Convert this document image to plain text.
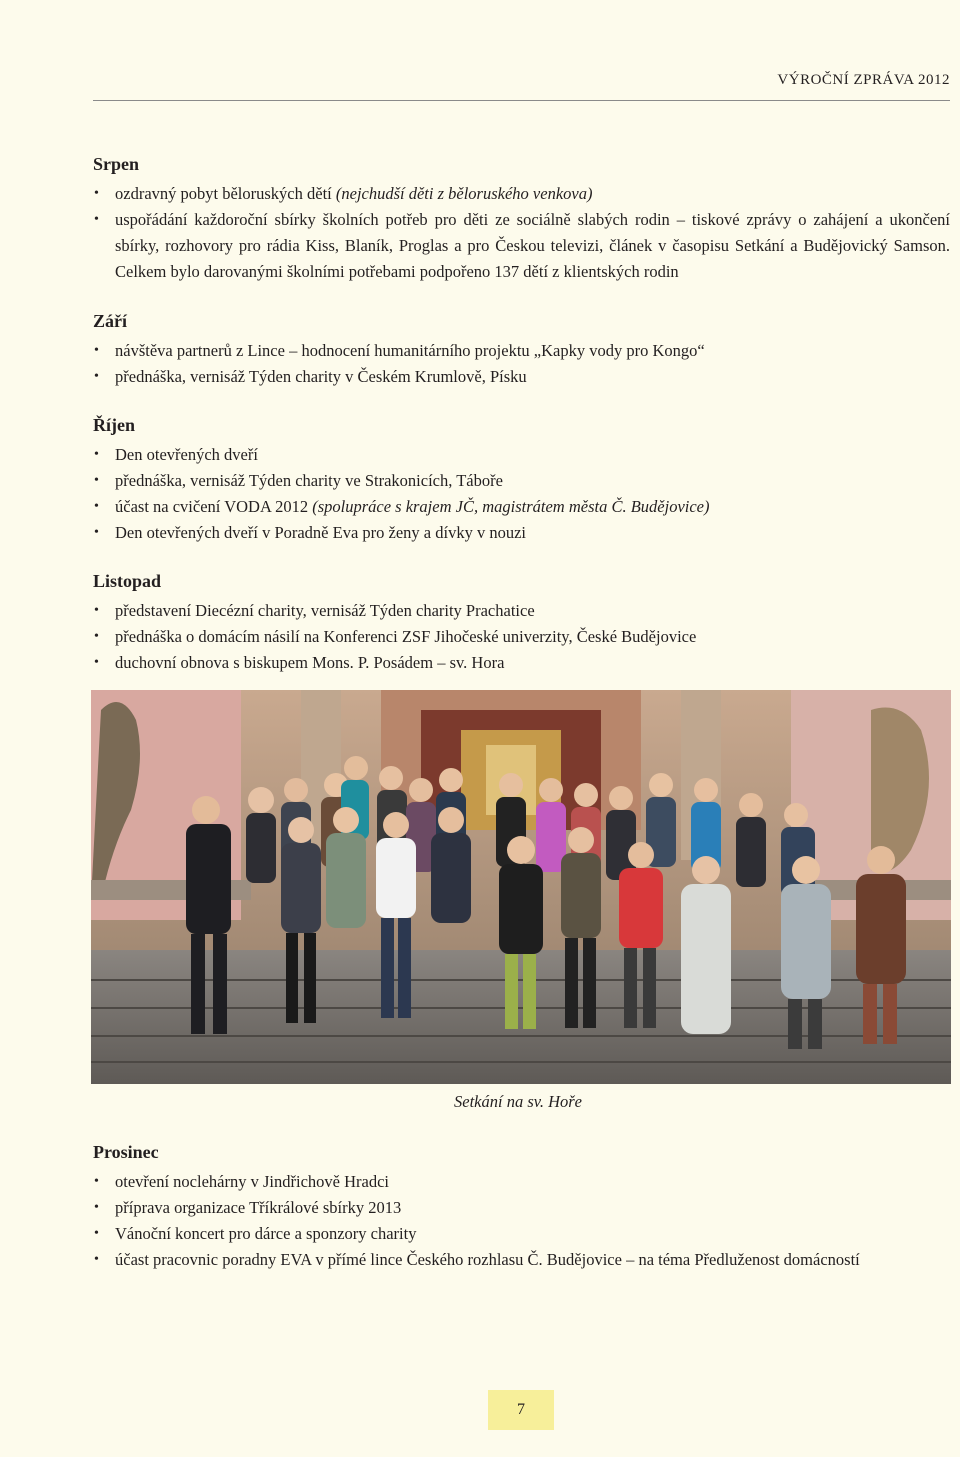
VÝROČNÍ ZPRÁVA 2012
Srpen
• ozdravný pobyt běloruských dětí (nejchudší děti z běloruského venkova)
• uspořádání každoroční sbírky školních potřeb pro děti ze sociálně slabých rodin – tiskové zprávy o zahájení a ukončení sbírky, rozhovory pro rádia Kiss, Blaník, Proglas a pro Českou televizi, článek v časopisu Setkání a Budějovický Samson. Celkem bylo darovanými školními potřebami podpořeno 137 dětí z klientských rodin
Září
• návštěva partnerů z Lince – hodnocení humanitárního projektu „Kapky vody pro Kongo“
• přednáška, vernisáž Týden charity v Českém Krumlově, Písku
Říjen
• Den otevřených dveří
• přednáška, vernisáž Týden charity ve Strakonicích, Táboře
• účast na cvičení VODA 2012 (spolupráce s krajem JČ, magistrátem města Č. Budějovice)
• Den otevřených dveří v Poradně Eva pro ženy a dívky v nouzi
Listopad
• představení Diecézní charity, vernisáž Týden charity Prachatice
• přednáška o domácím násilí na Konferenci ZSF Jihočeské univerzity, České Budějovice
• duchovní obnova s biskupem Mons. P. Posádem – sv. Hora
Setkání na sv. Hoře
Prosinec
• otevření noclehárny v Jindřichově Hradci
• příprava organizace Tříkrálové sbírky 2013
• Vánoční koncert pro dárce a sponzory charity
• účast pracovnic poradny EVA v přímé lince Českého rozhlasu Č. Budějovice – na téma Předluženost domácností
7
